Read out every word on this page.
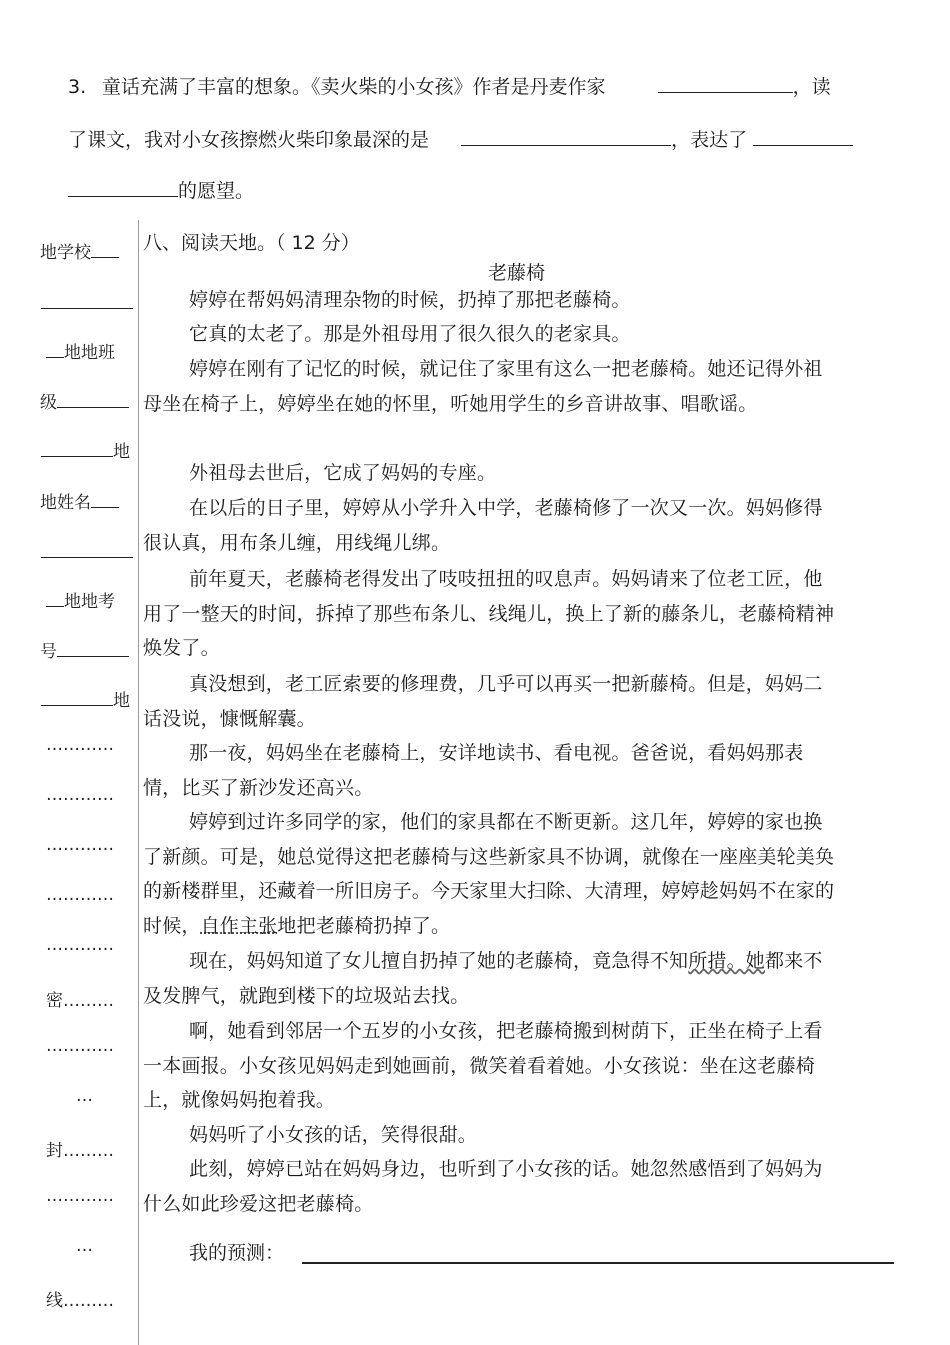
3. 童话充满了丰富的想象。《卖火柴的小女孩》作者是丹麦作家	，读
了课文，我对小女孩擦燃火柴印象最深的是	，表达了
的愿望。
地学校
地地班
级
地
地姓名
地地考
号
地
…………
…………
…………
…………
…………
密………
…………
…
封………
…………
…
线………
八、阅读天地。（ 12 分）
老藤椅
婷婷在帮妈妈清理杂物的时候，扔掉了那把老藤椅。
它真的太老了。那是外祖母用了很久很久的老家具。
婷婷在刚有了记忆的时候，就记住了家里有这么一把老藤椅。她还记得外祖母坐在椅子上，婷婷坐在她的怀里，听她用学生的乡音讲故事、唱歌谣。
外祖母去世后，它成了妈妈的专座。
在以后的日子里，婷婷从小学升入中学，老藤椅修了一次又一次。妈妈修得很认真，用布条儿缠，用线绳儿绑。
前年夏天，老藤椅老得发出了吱吱扭扭的叹息声。妈妈请来了位老工匠，他用了一整天的时间，拆掉了那些布条儿、线绳儿，换上了新的藤条儿，老藤椅精神焕发了。
真没想到，老工匠索要的修理费，几乎可以再买一把新藤椅。但是，妈妈二话没说，慷慨解囊。
那一夜，妈妈坐在老藤椅上，安详地读书、看电视。爸爸说，看妈妈那表情，比买了新沙发还高兴。
婷婷到过许多同学的家，他们的家具都在不断更新。这几年，婷婷的家也换了新颜。可是，她总觉得这把老藤椅与这些新家具不协调，就像在一座座美轮美奂的新楼群里，还藏着一所旧房子。今天家里大扫除、大清理，婷婷趁妈妈不在家的时候，自作主张地把老藤椅扔掉了。
现在，妈妈知道了女儿擅自扔掉了她的老藤椅，竟急得不知所措。她都来不及发脾气，就跑到楼下的垃圾站去找。
啊，她看到邻居一个五岁的小女孩，把老藤椅搬到树荫下，正坐在椅子上看一本画报。小女孩见妈妈走到她画前，微笑着看着她。小女孩说：坐在这老藤椅上，就像妈妈抱着我。
妈妈听了小女孩的话，笑得很甜。
此刻，婷婷已站在妈妈身边，也听到了小女孩的话。她忽然感悟到了妈妈为什么如此珍爱这把老藤椅。
我的预测：
